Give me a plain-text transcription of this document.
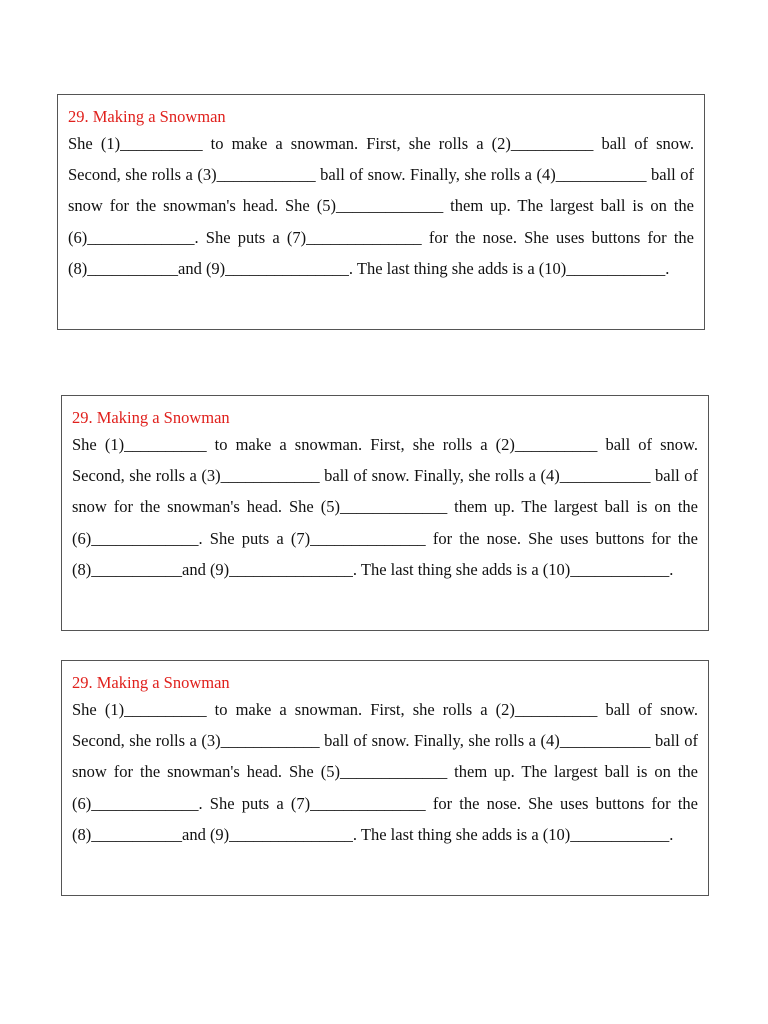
29. Making a Snowman

She (1)__________ to make a snowman. First, she rolls a (2)__________ ball of snow. Second, she rolls a (3)____________ ball of snow. Finally, she rolls a (4)___________ ball of snow for the snowman's head. She (5)_____________ them up. The largest ball is on the (6)_____________. She puts a (7)______________ for the nose. She uses buttons for the (8)___________and (9)_______________. The last thing she adds is a (10)____________.

29. Making a Snowman

She (1)__________ to make a snowman. First, she rolls a (2)__________ ball of snow. Second, she rolls a (3)____________ ball of snow. Finally, she rolls a (4)___________ ball of snow for the snowman's head. She (5)_____________ them up. The largest ball is on the (6)_____________. She puts a (7)______________ for the nose. She uses buttons for the (8)___________and (9)_______________. The last thing she adds is a (10)____________.

29. Making a Snowman

She (1)__________ to make a snowman. First, she rolls a (2)__________ ball of snow. Second, she rolls a (3)____________ ball of snow. Finally, she rolls a (4)___________ ball of snow for the snowman's head. She (5)_____________ them up. The largest ball is on the (6)_____________. She puts a (7)______________ for the nose. She uses buttons for the (8)___________and (9)_______________. The last thing she adds is a (10)____________.
